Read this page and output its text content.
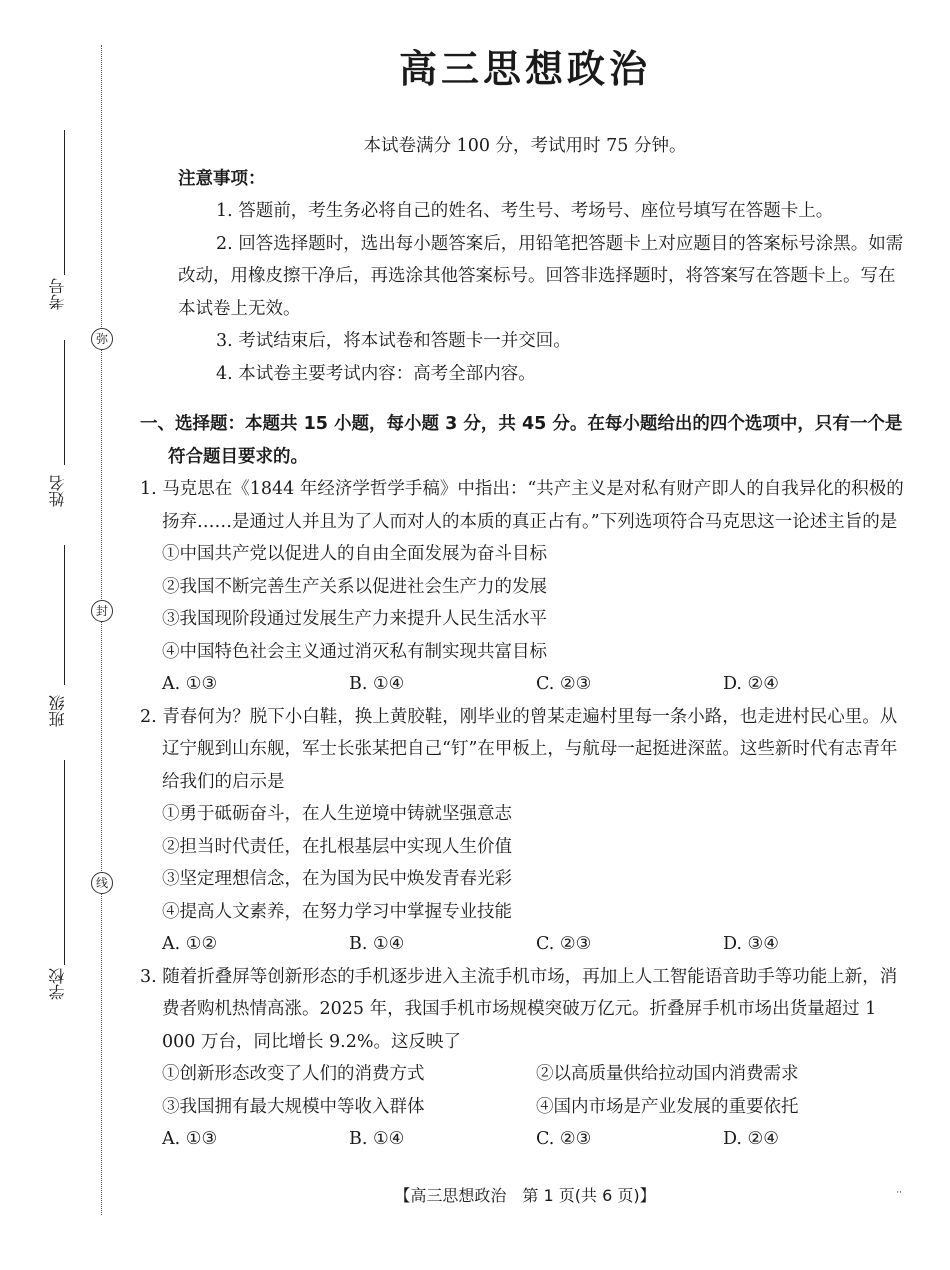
考号
姓名
班级
学校
弥
封
线
高三思想政治
本试卷满分 100 分，考试用时 75 分钟。
注意事项：
1. 答题前，考生务必将自己的姓名、考生号、考场号、座位号填写在答题卡上。
2. 回答选择题时，选出每小题答案后，用铅笔把答题卡上对应题目的答案标号涂黑。如需改动，用橡皮擦干净后，再选涂其他答案标号。回答非选择题时，将答案写在答题卡上。写在本试卷上无效。
3. 考试结束后，将本试卷和答题卡一并交回。
4. 本试卷主要考试内容：高考全部内容。
一、选择题：本题共 15 小题，每小题 3 分，共 45 分。在每小题给出的四个选项中，只有一个是符合题目要求的。
1. 马克思在《1844 年经济学哲学手稿》中指出：“共产主义是对私有财产即人的自我异化的积极的扬弃……是通过人并且为了人而对人的本质的真正占有。”下列选项符合马克思这一论述主旨的是
①中国共产党以促进人的自由全面发展为奋斗目标
②我国不断完善生产关系以促进社会生产力的发展
③我国现阶段通过发展生产力来提升人民生活水平
④中国特色社会主义通过消灭私有制实现共富目标
A. ①③	B. ①④	C. ②③	D. ②④
2. 青春何为？脱下小白鞋，换上黄胶鞋，刚毕业的曾某走遍村里每一条小路，也走进村民心里。从辽宁舰到山东舰，军士长张某把自己“钉”在甲板上，与航母一起挺进深蓝。这些新时代有志青年给我们的启示是
①勇于砥砺奋斗，在人生逆境中铸就坚强意志
②担当时代责任，在扎根基层中实现人生价值
③坚定理想信念，在为国为民中焕发青春光彩
④提高人文素养，在努力学习中掌握专业技能
A. ①②	B. ①④	C. ②③	D. ③④
3. 随着折叠屏等创新形态的手机逐步进入主流手机市场，再加上人工智能语音助手等功能上新，消费者购机热情高涨。2025 年，我国手机市场规模突破万亿元。折叠屏手机市场出货量超过 1 000 万台，同比增长 9.2%。这反映了
①创新形态改变了人们的消费方式	②以高质量供给拉动国内消费需求
③我国拥有最大规模中等收入群体	④国内市场是产业发展的重要依托
A. ①③	B. ①④	C. ②③	D. ②④
【高三思想政治　第 1 页(共 6 页)】	··
